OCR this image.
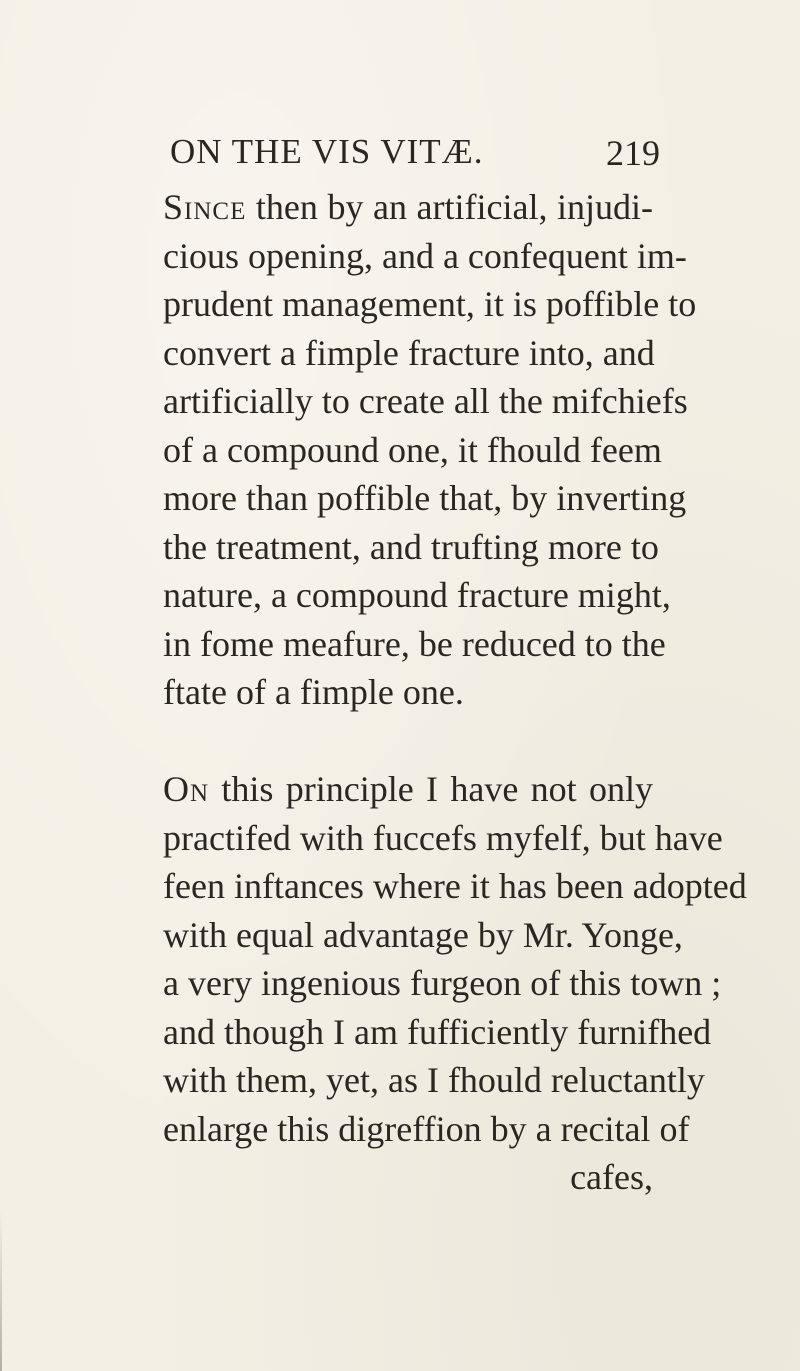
ON THE VIS VITÆ.	219
Since then by an artificial, injudi-
cious opening, and a confequent im-
prudent management, it is poffible to
convert a fimple fracture into, and
artificially to create all the mifchiefs
of a compound one, it fhould feem
more than poffible that, by inverting
the treatment, and trufting more to
nature, a compound fracture might,
in fome meafure, be reduced to the
ftate of a fimple one.
On this principle I have not only
practifed with fuccefs myfelf, but have
feen inftances where it has been adopted
with equal advantage by Mr. Yonge,
a very ingenious furgeon of this town ;
and though I am fufficiently furnifhed
with them, yet, as I fhould reluctantly
enlarge this digreffion by a recital of
cafes,
